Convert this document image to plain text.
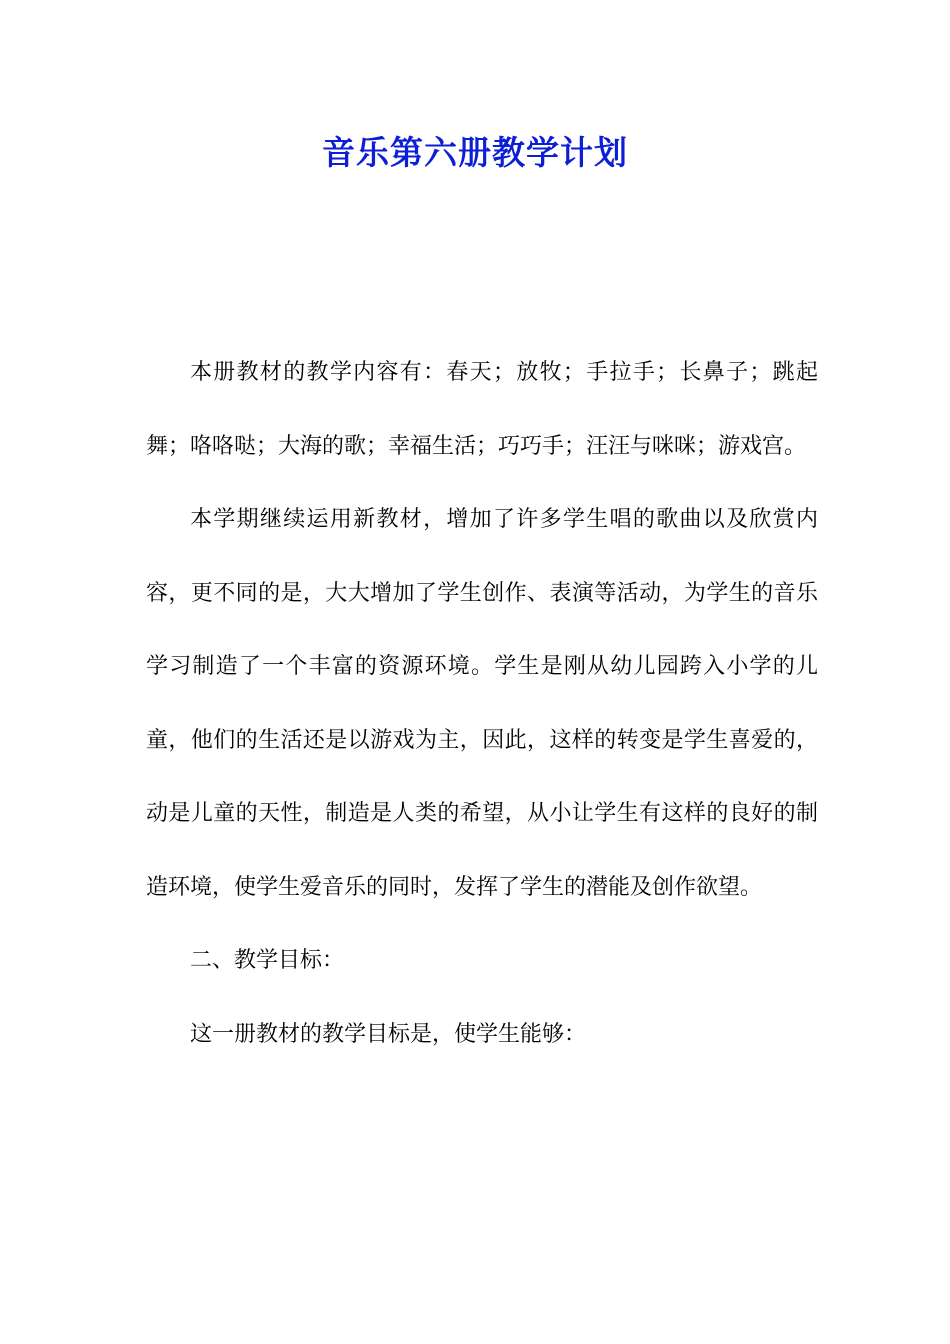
音乐第六册教学计划

本册教材的教学内容有：春天；放牧；手拉手；长鼻子；跳起舞；咯咯哒；大海的歌；幸福生活；巧巧手；汪汪与咪咪；游戏宫。

本学期继续运用新教材，增加了许多学生唱的歌曲以及欣赏内容，更不同的是，大大增加了学生创作、表演等活动，为学生的音乐学习制造了一个丰富的资源环境。学生是刚从幼儿园跨入小学的儿童，他们的生活还是以游戏为主，因此，这样的转变是学生喜爱的，动是儿童的天性，制造是人类的希望，从小让学生有这样的良好的制造环境，使学生爱音乐的同时，发挥了学生的潜能及创作欲望。

二、教学目标：

这一册教材的教学目标是，使学生能够：
